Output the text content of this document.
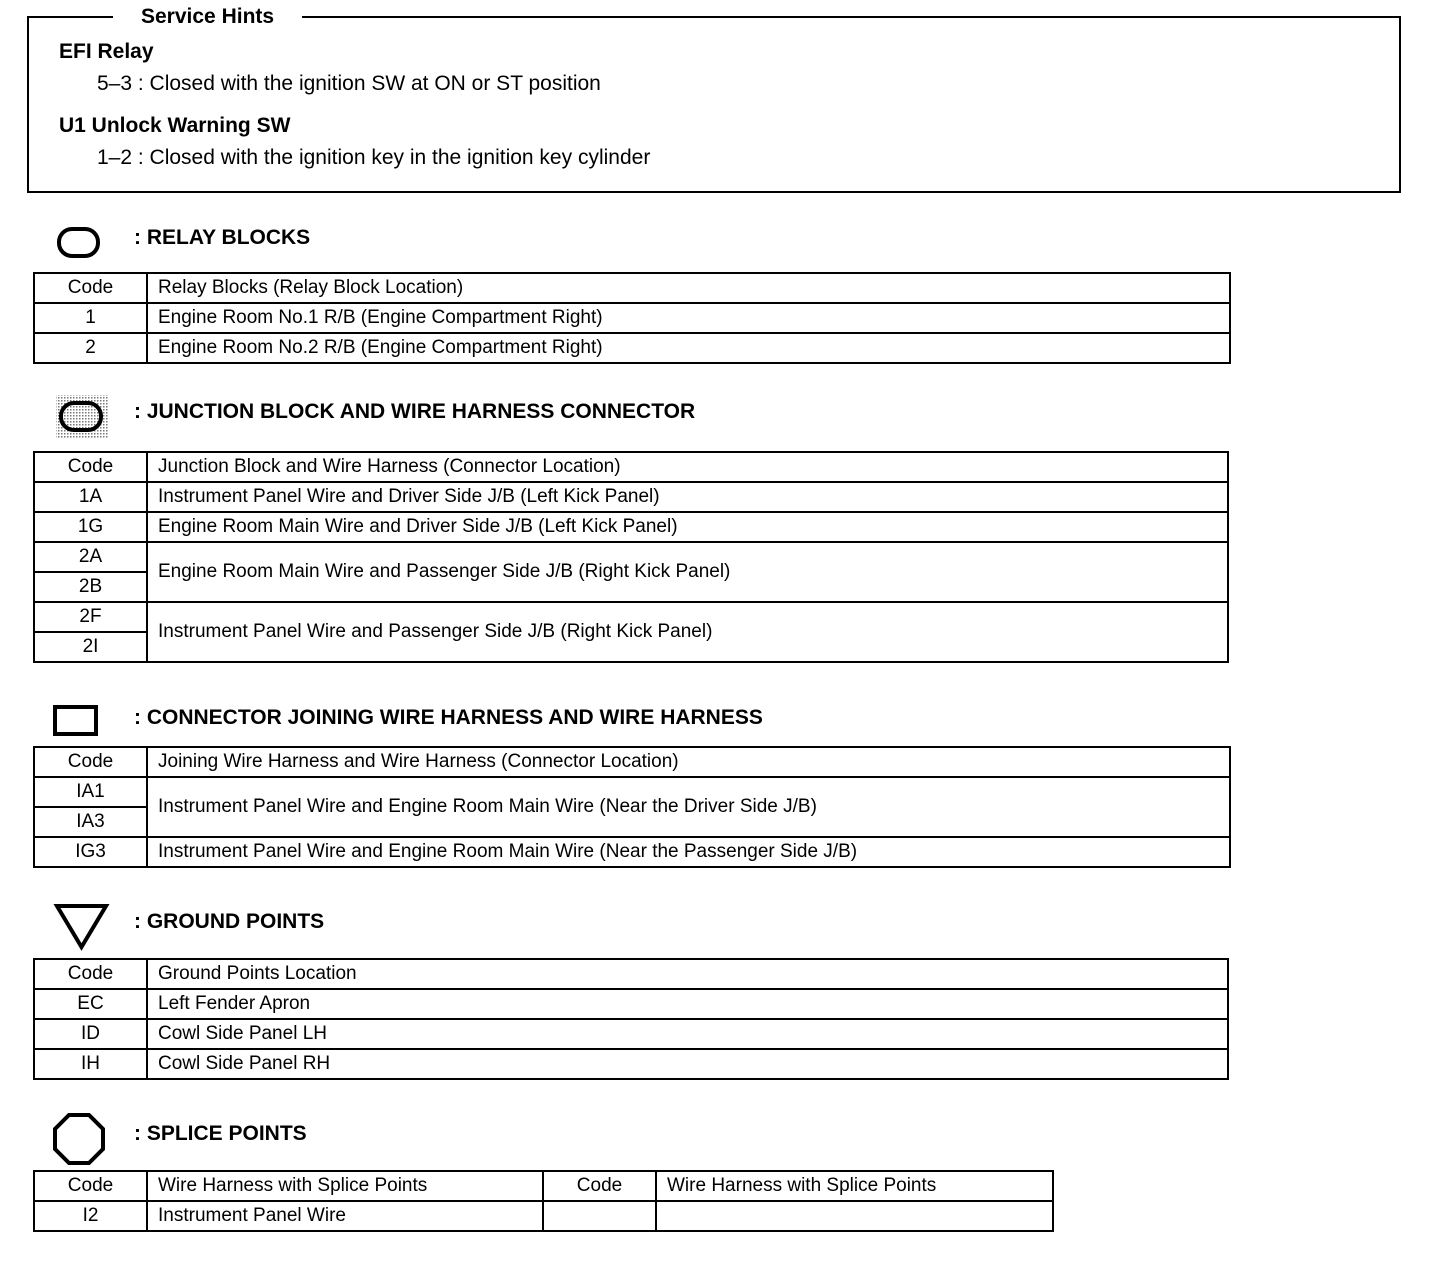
Service Hints
EFI Relay
5–3 : Closed with the ignition SW at ON or ST position
U1 Unlock Warning SW
1–2 : Closed with the ignition key in the ignition key cylinder
: RELAY BLOCKS
Code	Relay Blocks (Relay Block Location)
1	Engine Room No.1 R/B (Engine Compartment Right)
2	Engine Room No.2 R/B (Engine Compartment Right)
: JUNCTION BLOCK AND WIRE HARNESS CONNECTOR
Code	Junction Block and Wire Harness (Connector Location)
1A	Instrument Panel Wire and Driver Side J/B (Left Kick Panel)
1G	Engine Room Main Wire and Driver Side J/B (Left Kick Panel)
2A	Engine Room Main Wire and Passenger Side J/B (Right Kick Panel)
2B	
2F	Instrument Panel Wire and Passenger Side J/B (Right Kick Panel)
2I	
: CONNECTOR JOINING WIRE HARNESS AND WIRE HARNESS
Code	Joining Wire Harness and Wire Harness (Connector Location)
IA1	Instrument Panel Wire and Engine Room Main Wire (Near the Driver Side J/B)
IA3	
IG3	Instrument Panel Wire and Engine Room Main Wire (Near the Passenger Side J/B)
: GROUND POINTS
Code	Ground Points Location
EC	Left Fender Apron
ID	Cowl Side Panel LH
IH	Cowl Side Panel RH
: SPLICE POINTS
Code	Wire Harness with Splice Points	Code	Wire Harness with Splice Points
I2	Instrument Panel Wire		
